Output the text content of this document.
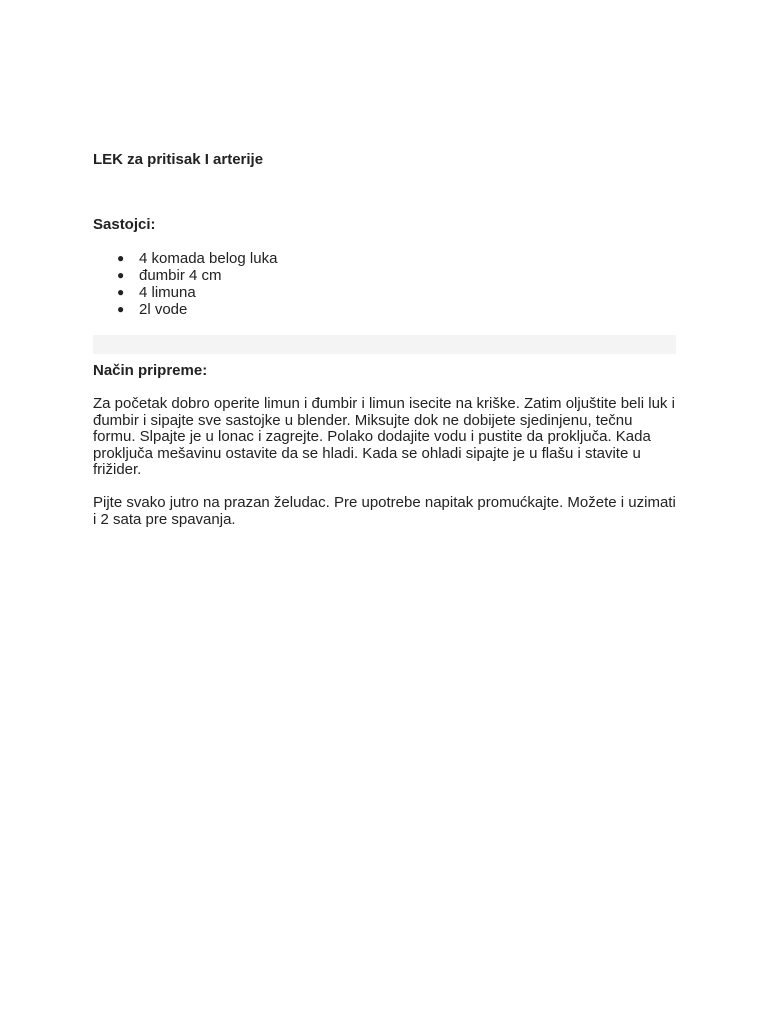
LEK za pritisak I arterije
Sastojci:
● 4 komada belog luka
● đumbir 4 cm
● 4 limuna
● 2l vode
Način pripreme:

Za početak dobro operite limun i đumbir i limun isecite na kriške. Zatim oljuštite beli luk i đumbir i sipajte sve sastojke u blender. Miksujte dok ne dobijete sjedinjenu, tečnu formu. Slpajte je u lonac i zagrejte. Polako dodajite vodu i pustite da proključa. Kada proključa mešavinu ostavite da se hladi. Kada se ohladi sipajte je u flašu i stavite u frižider.

Pijte svako jutro na prazan želudac. Pre upotrebe napitak promućkajte. Možete i uzimati i 2 sata pre spavanja.
